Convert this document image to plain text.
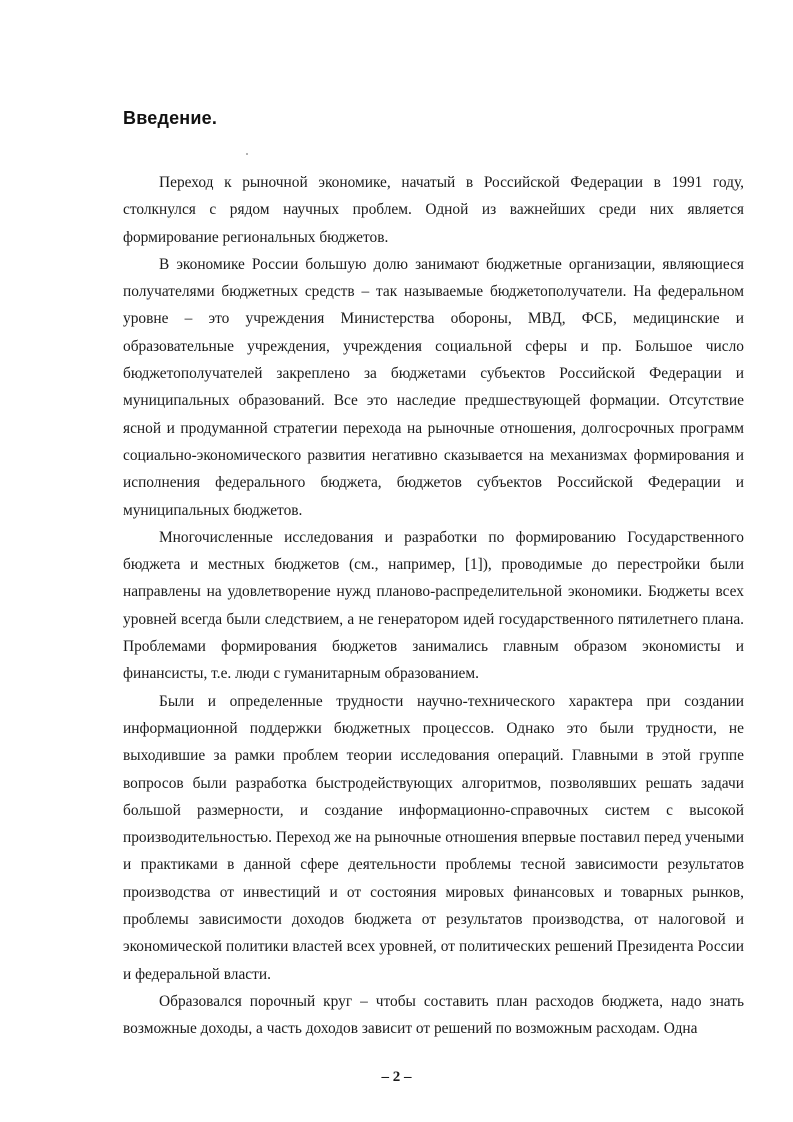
Введение.

Переход к рыночной экономике, начатый в Российской Федерации в 1991 году, столкнулся с рядом научных проблем. Одной из важнейших среди них является формирование региональных бюджетов.

В экономике России большую долю занимают бюджетные организации, являющиеся получателями бюджетных средств – так называемые бюджетополучатели. На федеральном уровне – это учреждения Министерства обороны, МВД, ФСБ, медицинские и образовательные учреждения, учреждения социальной сферы и пр. Большое число бюджетополучателей закреплено за бюджетами субъектов Российской Федерации и муниципальных образований. Все это наследие предшествующей формации. Отсутствие ясной и продуманной стратегии перехода на рыночные отношения, долгосрочных программ социально-экономического развития негативно сказывается на механизмах формирования и исполнения федерального бюджета, бюджетов субъектов Российской Федерации и муниципальных бюджетов.

Многочисленные исследования и разработки по формированию Государственного бюджета и местных бюджетов (см., например, [1]), проводимые до перестройки были направлены на удовлетворение нужд планово-распределительной экономики. Бюджеты всех уровней всегда были следствием, а не генератором идей государственного пятилетнего плана. Проблемами формирования бюджетов занимались главным образом экономисты и финансисты, т.е. люди с гуманитарным образованием.

Были и определенные трудности научно-технического характера при создании информационной поддержки бюджетных процессов. Однако это были трудности, не выходившие за рамки проблем теории исследования операций. Главными в этой группе вопросов были разработка быстродействующих алгоритмов, позволявших решать задачи большой размерности, и создание информационно-справочных систем с высокой производительностью. Переход же на рыночные отношения впервые поставил перед учеными и практиками в данной сфере деятельности проблемы тесной зависимости результатов производства от инвестиций и от состояния мировых финансовых и товарных рынков, проблемы зависимости доходов бюджета от результатов производства, от налоговой и экономической политики властей всех уровней, от политических решений Президента России и федеральной власти.

Образовался порочный круг – чтобы составить план расходов бюджета, надо знать возможные доходы, а часть доходов зависит от решений по возможным расходам. Одна

– 2 –
